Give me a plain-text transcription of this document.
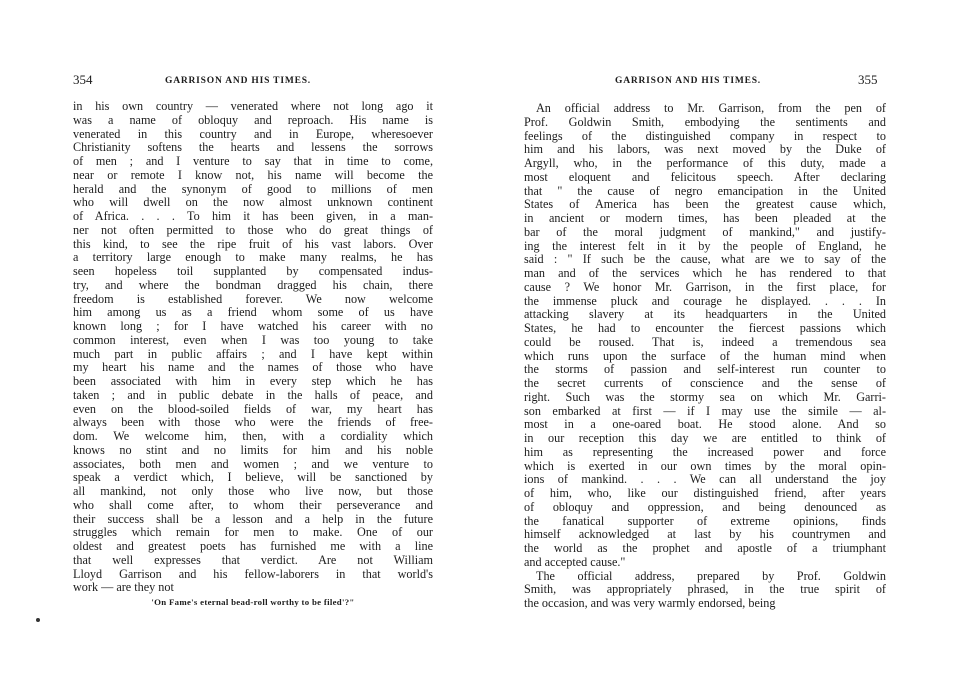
354	GARRISON AND HIS TIMES.
in his own country — venerated where not long ago it
was a name of obloquy and reproach. His name is
venerated in this country and in Europe, wheresoever
Christianity softens the hearts and lessens the sorrows
of men ; and I venture to say that in time to come,
near or remote I know not, his name will become the
herald and the synonym of good to millions of men
who will dwell on the now almost unknown continent
of Africa. . . . To him it has been given, in a man-
ner not often permitted to those who do great things of
this kind, to see the ripe fruit of his vast labors. Over
a territory large enough to make many realms, he has
seen hopeless toil supplanted by compensated indus-
try, and where the bondman dragged his chain, there
freedom is established forever. We now welcome
him among us as a friend whom some of us have
known long ; for I have watched his career with no
common interest, even when I was too young to take
much part in public affairs ; and I have kept within
my heart his name and the names of those who have
been associated with him in every step which he has
taken ; and in public debate in the halls of peace, and
even on the blood-soiled fields of war, my heart has
always been with those who were the friends of free-
dom. We welcome him, then, with a cordiality which
knows no stint and no limits for him and his noble
associates, both men and women ; and we venture to
speak a verdict which, I believe, will be sanctioned by
all mankind, not only those who live now, but those
who shall come after, to whom their perseverance and
their success shall be a lesson and a help in the future
struggles which remain for men to make. One of our
oldest and greatest poets has furnished me with a line
that well expresses that verdict. Are not William
Lloyd Garrison and his fellow-laborers in that world's
work — are they not
'On Fame's eternal bead-roll worthy to be filed'?"
GARRISON AND HIS TIMES.	355
An official address to Mr. Garrison, from the pen of
Prof. Goldwin Smith, embodying the sentiments and
feelings of the distinguished company in respect to
him and his labors, was next moved by the Duke of
Argyll, who, in the performance of this duty, made a
most eloquent and felicitous speech. After declaring
that " the cause of negro emancipation in the United
States of America has been the greatest cause which,
in ancient or modern times, has been pleaded at the
bar of the moral judgment of mankind," and justify-
ing the interest felt in it by the people of England, he
said : " If such be the cause, what are we to say of the
man and of the services which he has rendered to that
cause ? We honor Mr. Garrison, in the first place, for
the immense pluck and courage he displayed. . . . In
attacking slavery at its headquarters in the United
States, he had to encounter the fiercest passions which
could be roused. That is, indeed a tremendous sea
which runs upon the surface of the human mind when
the storms of passion and self-interest run counter to
the secret currents of conscience and the sense of
right. Such was the stormy sea on which Mr. Garri-
son embarked at first — if I may use the simile — al-
most in a one-oared boat. He stood alone. And so
in our reception this day we are entitled to think of
him as representing the increased power and force
which is exerted in our own times by the moral opin-
ions of mankind. . . . We can all understand the joy
of him, who, like our distinguished friend, after years
of obloquy and oppression, and being denounced as
the fanatical supporter of extreme opinions, finds
himself acknowledged at last by his countrymen and
the world as the prophet and apostle of a triumphant
and accepted cause."
The official address, prepared by Prof. Goldwin
Smith, was appropriately phrased, in the true spirit of
the occasion, and was very warmly endorsed, being
